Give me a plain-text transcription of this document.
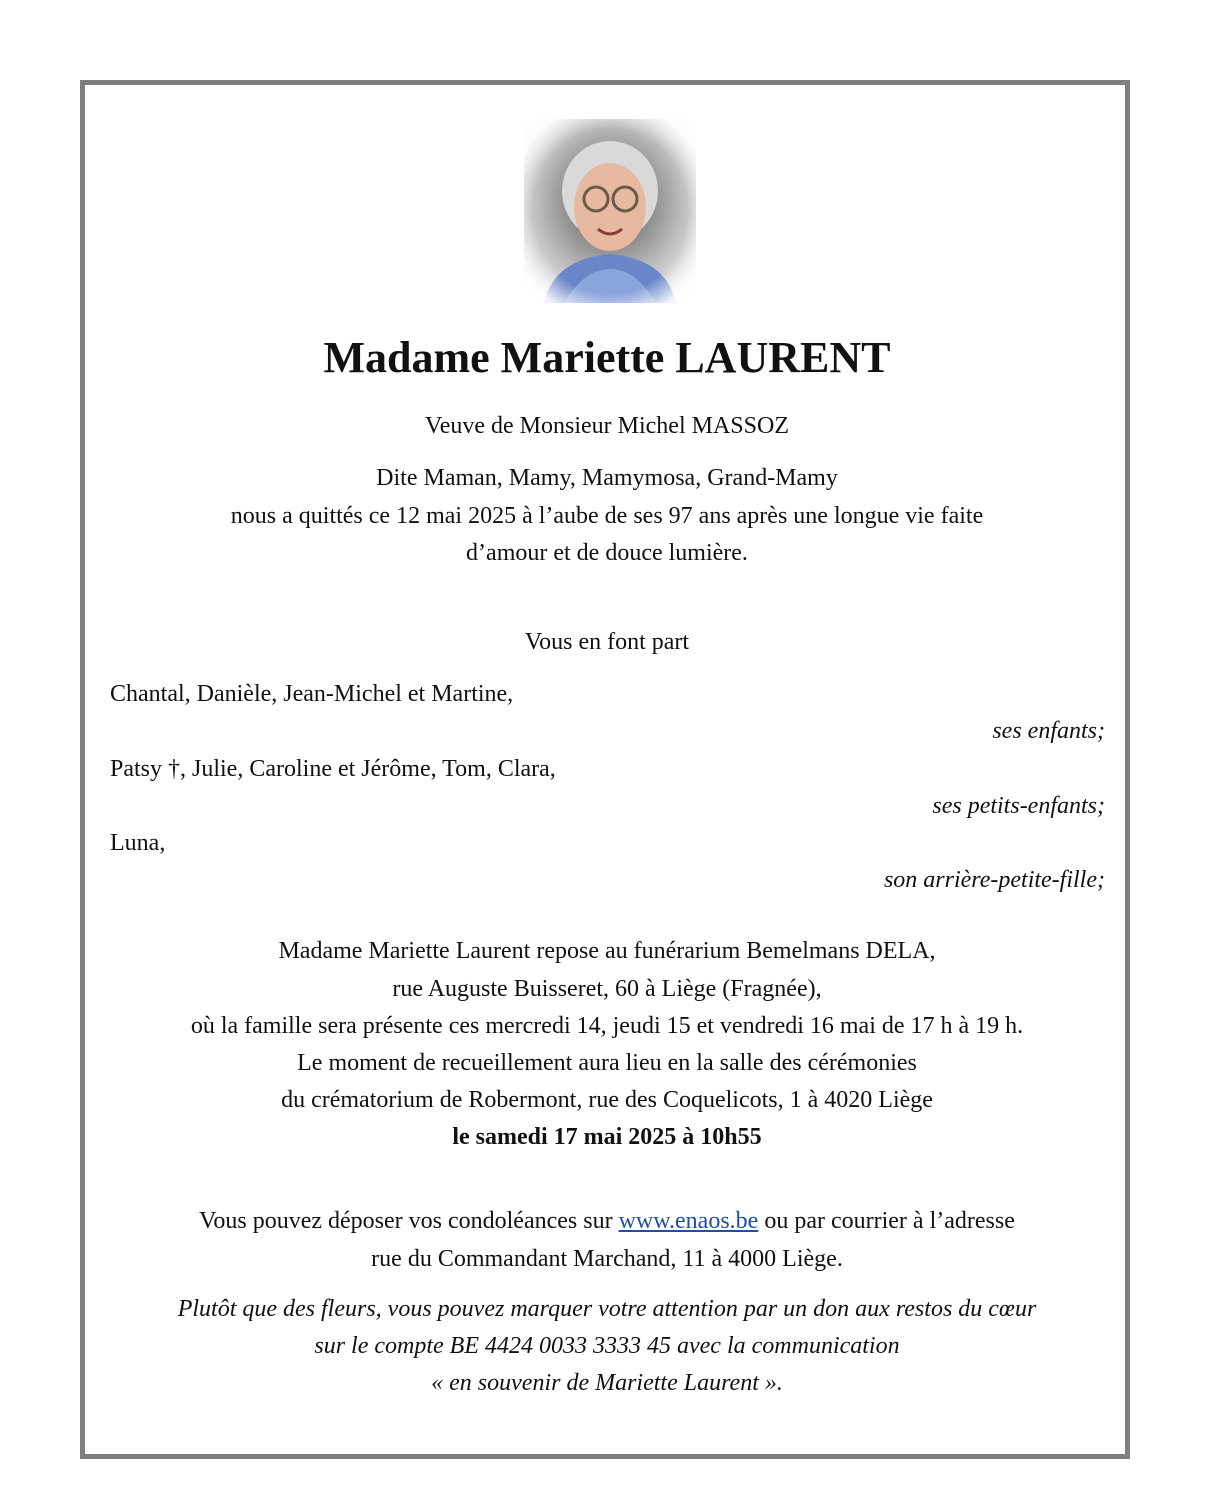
Madame Mariette LAURENT
Veuve de Monsieur Michel MASSOZ
Dite Maman, Mamy, Mamymosa, Grand-Mamy
nous a quittés ce 12 mai 2025 à l’aube de ses 97 ans après une longue vie faite
d’amour et de douce lumière.
Vous en font part
Chantal, Danièle, Jean-Michel et Martine,
ses enfants;
Patsy †, Julie, Caroline et Jérôme, Tom, Clara,
ses petits-enfants;
Luna,
son arrière-petite-fille;
Madame Mariette Laurent repose au funérarium Bemelmans DELA,
rue Auguste Buisseret, 60 à Liège (Fragnée),
où la famille sera présente ces mercredi 14, jeudi 15 et vendredi 16 mai de 17 h à 19 h.
Le moment de recueillement aura lieu en la salle des cérémonies
du crématorium de Robermont, rue des Coquelicots, 1 à 4020 Liège
le samedi 17 mai 2025 à 10h55
Vous pouvez déposer vos condoléances sur www.enaos.be ou par courrier à l’adresse
rue du Commandant Marchand, 11 à 4000 Liège.
Plutôt que des fleurs, vous pouvez marquer votre attention par un don aux restos du cœur
sur le compte BE 4424 0033 3333 45 avec la communication
« en souvenir de Mariette Laurent ».
